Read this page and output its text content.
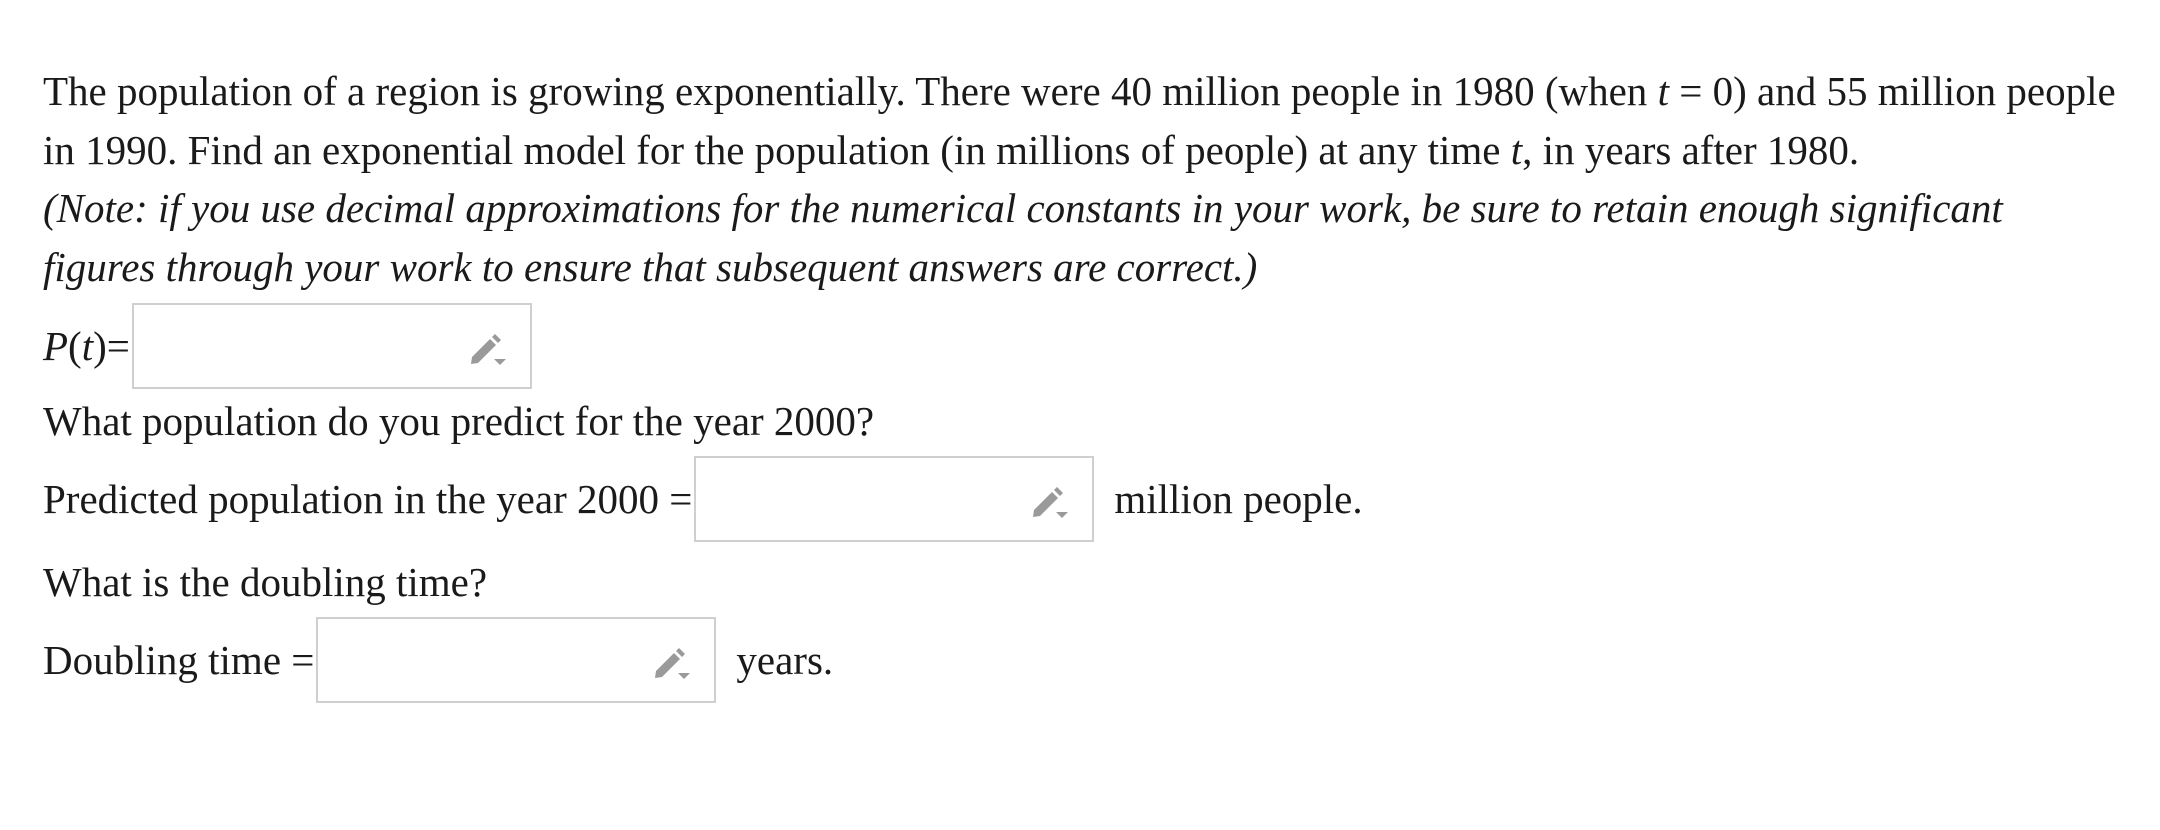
The population of a region is growing exponentially. There were 40 million people in 1980 (when t = 0) and 55 million people in 1990. Find an exponential model for the population (in millions of people) at any time t, in years after 1980.

(Note: if you use decimal approximations for the numerical constants in your work, be sure to retain enough significant figures through your work to ensure that subsequent answers are correct.)

P(t)=
What population do you predict for the year 2000?
Predicted population in the year 2000 =	million people.
What is the doubling time?
Doubling time =	years.
